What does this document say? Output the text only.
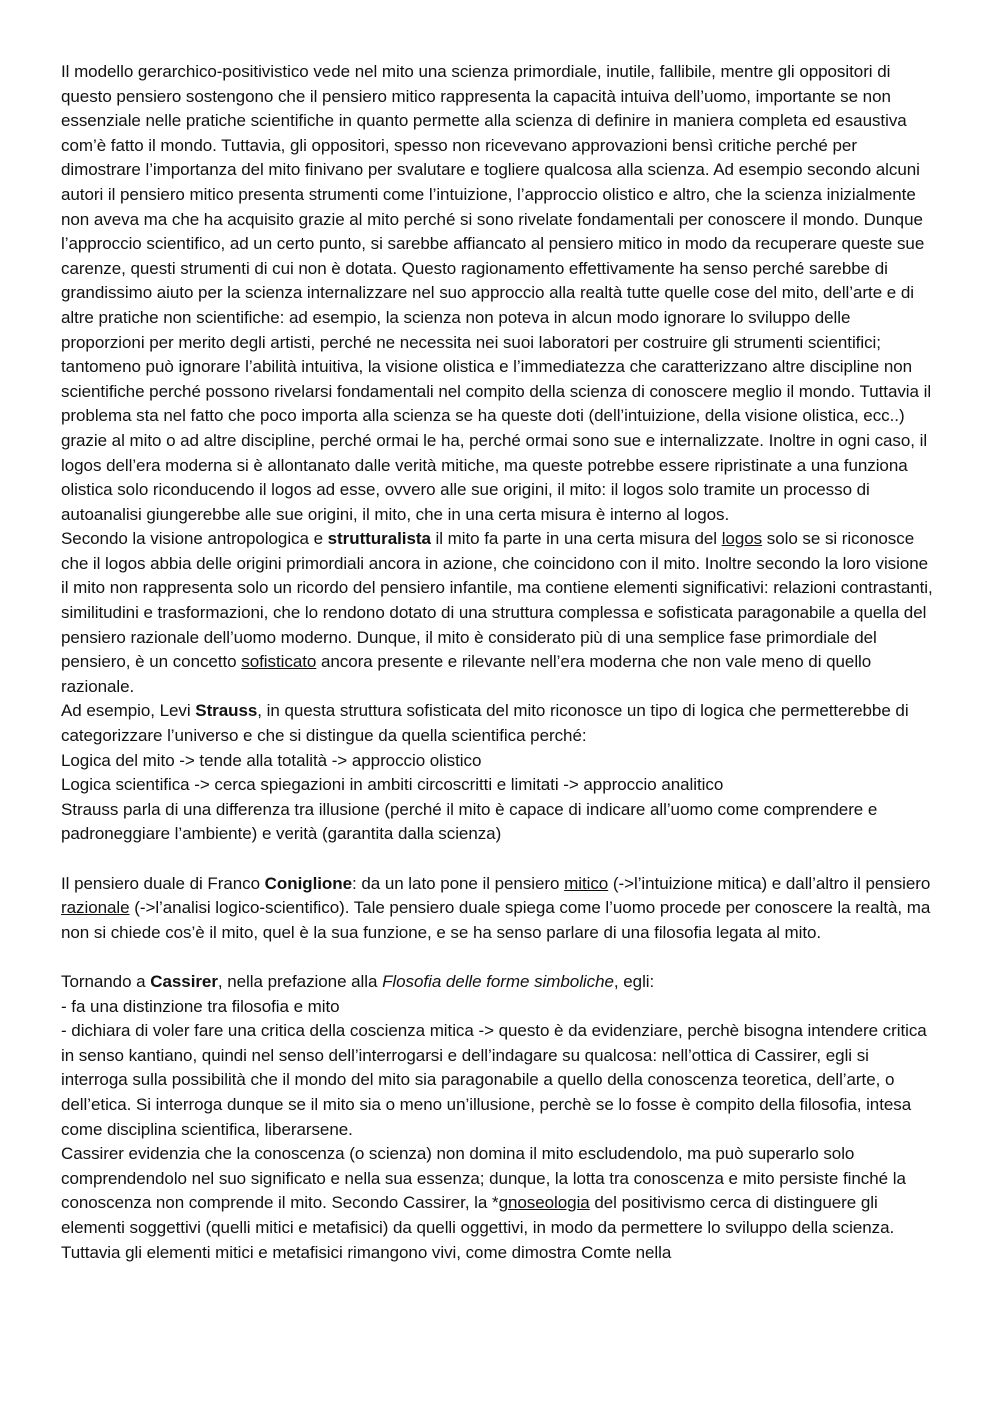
Il modello gerarchico-positivistico vede nel mito una scienza primordiale, inutile, fallibile, mentre gli oppositori di questo pensiero sostengono che il pensiero mitico rappresenta la capacità intuiva dell’uomo, importante se non essenziale nelle pratiche scientifiche in quanto permette alla scienza di definire in maniera completa ed esaustiva com’è fatto il mondo. Tuttavia, gli oppositori, spesso non ricevevano approvazioni bensì critiche perché per dimostrare l’importanza del mito finivano per svalutare e togliere qualcosa alla scienza. Ad esempio secondo alcuni autori il pensiero mitico presenta strumenti come l’intuizione, l’approccio olistico e altro, che la scienza inizialmente non aveva ma che ha acquisito grazie al mito perché si sono rivelate fondamentali per conoscere il mondo. Dunque l’approccio scientifico, ad un certo punto, si sarebbe affiancato al pensiero mitico in modo da recuperare queste sue carenze, questi strumenti di cui non è dotata. Questo ragionamento effettivamente ha senso perché sarebbe di grandissimo aiuto per la scienza internalizzare nel suo approccio alla realtà tutte quelle cose del mito, dell’arte e di altre pratiche non scientifiche: ad esempio, la scienza non poteva in alcun modo ignorare lo sviluppo delle proporzioni per merito degli artisti, perché ne necessita nei suoi laboratori per costruire gli strumenti scientifici; tantomeno può ignorare l’abilità intuitiva, la visione olistica e l’immediatezza che caratterizzano altre discipline non scientifiche perché possono rivelarsi fondamentali nel compito della scienza di conoscere meglio il mondo. Tuttavia il problema sta nel fatto che poco importa alla scienza se ha queste doti (dell’intuizione, della visione olistica, ecc..) grazie al mito o ad altre discipline, perché ormai le ha, perché ormai sono sue e internalizzate. Inoltre in ogni caso, il logos dell’era moderna si è allontanato dalle verità mitiche, ma queste potrebbe essere ripristinate a una funziona olistica solo riconducendo il logos ad esse, ovvero alle sue origini, il mito: il logos solo tramite un processo di autoanalisi giungerebbe alle sue origini, il mito, che in una certa misura è interno al logos.

Secondo la visione antropologica e strutturalista il mito fa parte in una certa misura del logos solo se si riconosce che il logos abbia delle origini primordiali ancora in azione, che coincidono con il mito. Inoltre secondo la loro visione il mito non rappresenta solo un ricordo del pensiero infantile, ma contiene elementi significativi: relazioni contrastanti, similitudini e trasformazioni, che lo rendono dotato di una struttura complessa e sofisticata paragonabile a quella del pensiero razionale dell’uomo moderno. Dunque, il mito è considerato più di una semplice fase primordiale del pensiero, è un concetto sofisticato ancora presente e rilevante nell’era moderna che non vale meno di quello razionale.

Ad esempio, Levi Strauss, in questa struttura sofisticata del mito riconosce un tipo di logica che permetterebbe di categorizzare l’universo e che si distingue da quella scientifica perché:

Logica del mito -> tende alla totalità -> approccio olistico

Logica scientifica -> cerca spiegazioni in ambiti circoscritti e limitati -> approccio analitico

Strauss parla di una differenza tra illusione (perché il mito è capace di indicare all’uomo come comprendere e padroneggiare l’ambiente) e verità (garantita dalla scienza)

Il pensiero duale di Franco Coniglione: da un lato pone il pensiero mitico (->l’intuizione mitica) e dall’altro il pensiero razionale (->l’analisi logico-scientifico). Tale pensiero duale spiega come l’uomo procede per conoscere la realtà, ma non si chiede cos’è il mito, quel è la sua funzione, e se ha senso parlare di una filosofia legata al mito.

Tornando a Cassirer, nella prefazione alla Flosofia delle forme simboliche, egli:

- fa una distinzione tra filosofia e mito

- dichiara di voler fare una critica della coscienza mitica -> questo è da evidenziare, perchè bisogna intendere critica in senso kantiano, quindi nel senso dell’interrogarsi e dell’indagare su qualcosa: nell’ottica di Cassirer, egli si interroga sulla possibilità che il mondo del mito sia paragonabile a quello della conoscenza teoretica, dell’arte, o dell’etica. Si interroga dunque se il mito sia o meno un’illusione, perchè se lo fosse è compito della filosofia, intesa come disciplina scientifica, liberarsene.

Cassirer evidenzia che la conoscenza (o scienza) non domina il mito escludendolo, ma può superarlo solo comprendendolo nel suo significato e nella sua essenza; dunque, la lotta tra conoscenza e mito persiste finché la conoscenza non comprende il mito. Secondo Cassirer, la *gnoseologia del positivismo cerca di distinguere gli elementi soggettivi (quelli mitici e metafisici) da quelli oggettivi, in modo da permettere lo sviluppo della scienza. Tuttavia gli elementi mitici e metafisici rimangono vivi, come dimostra Comte nella
